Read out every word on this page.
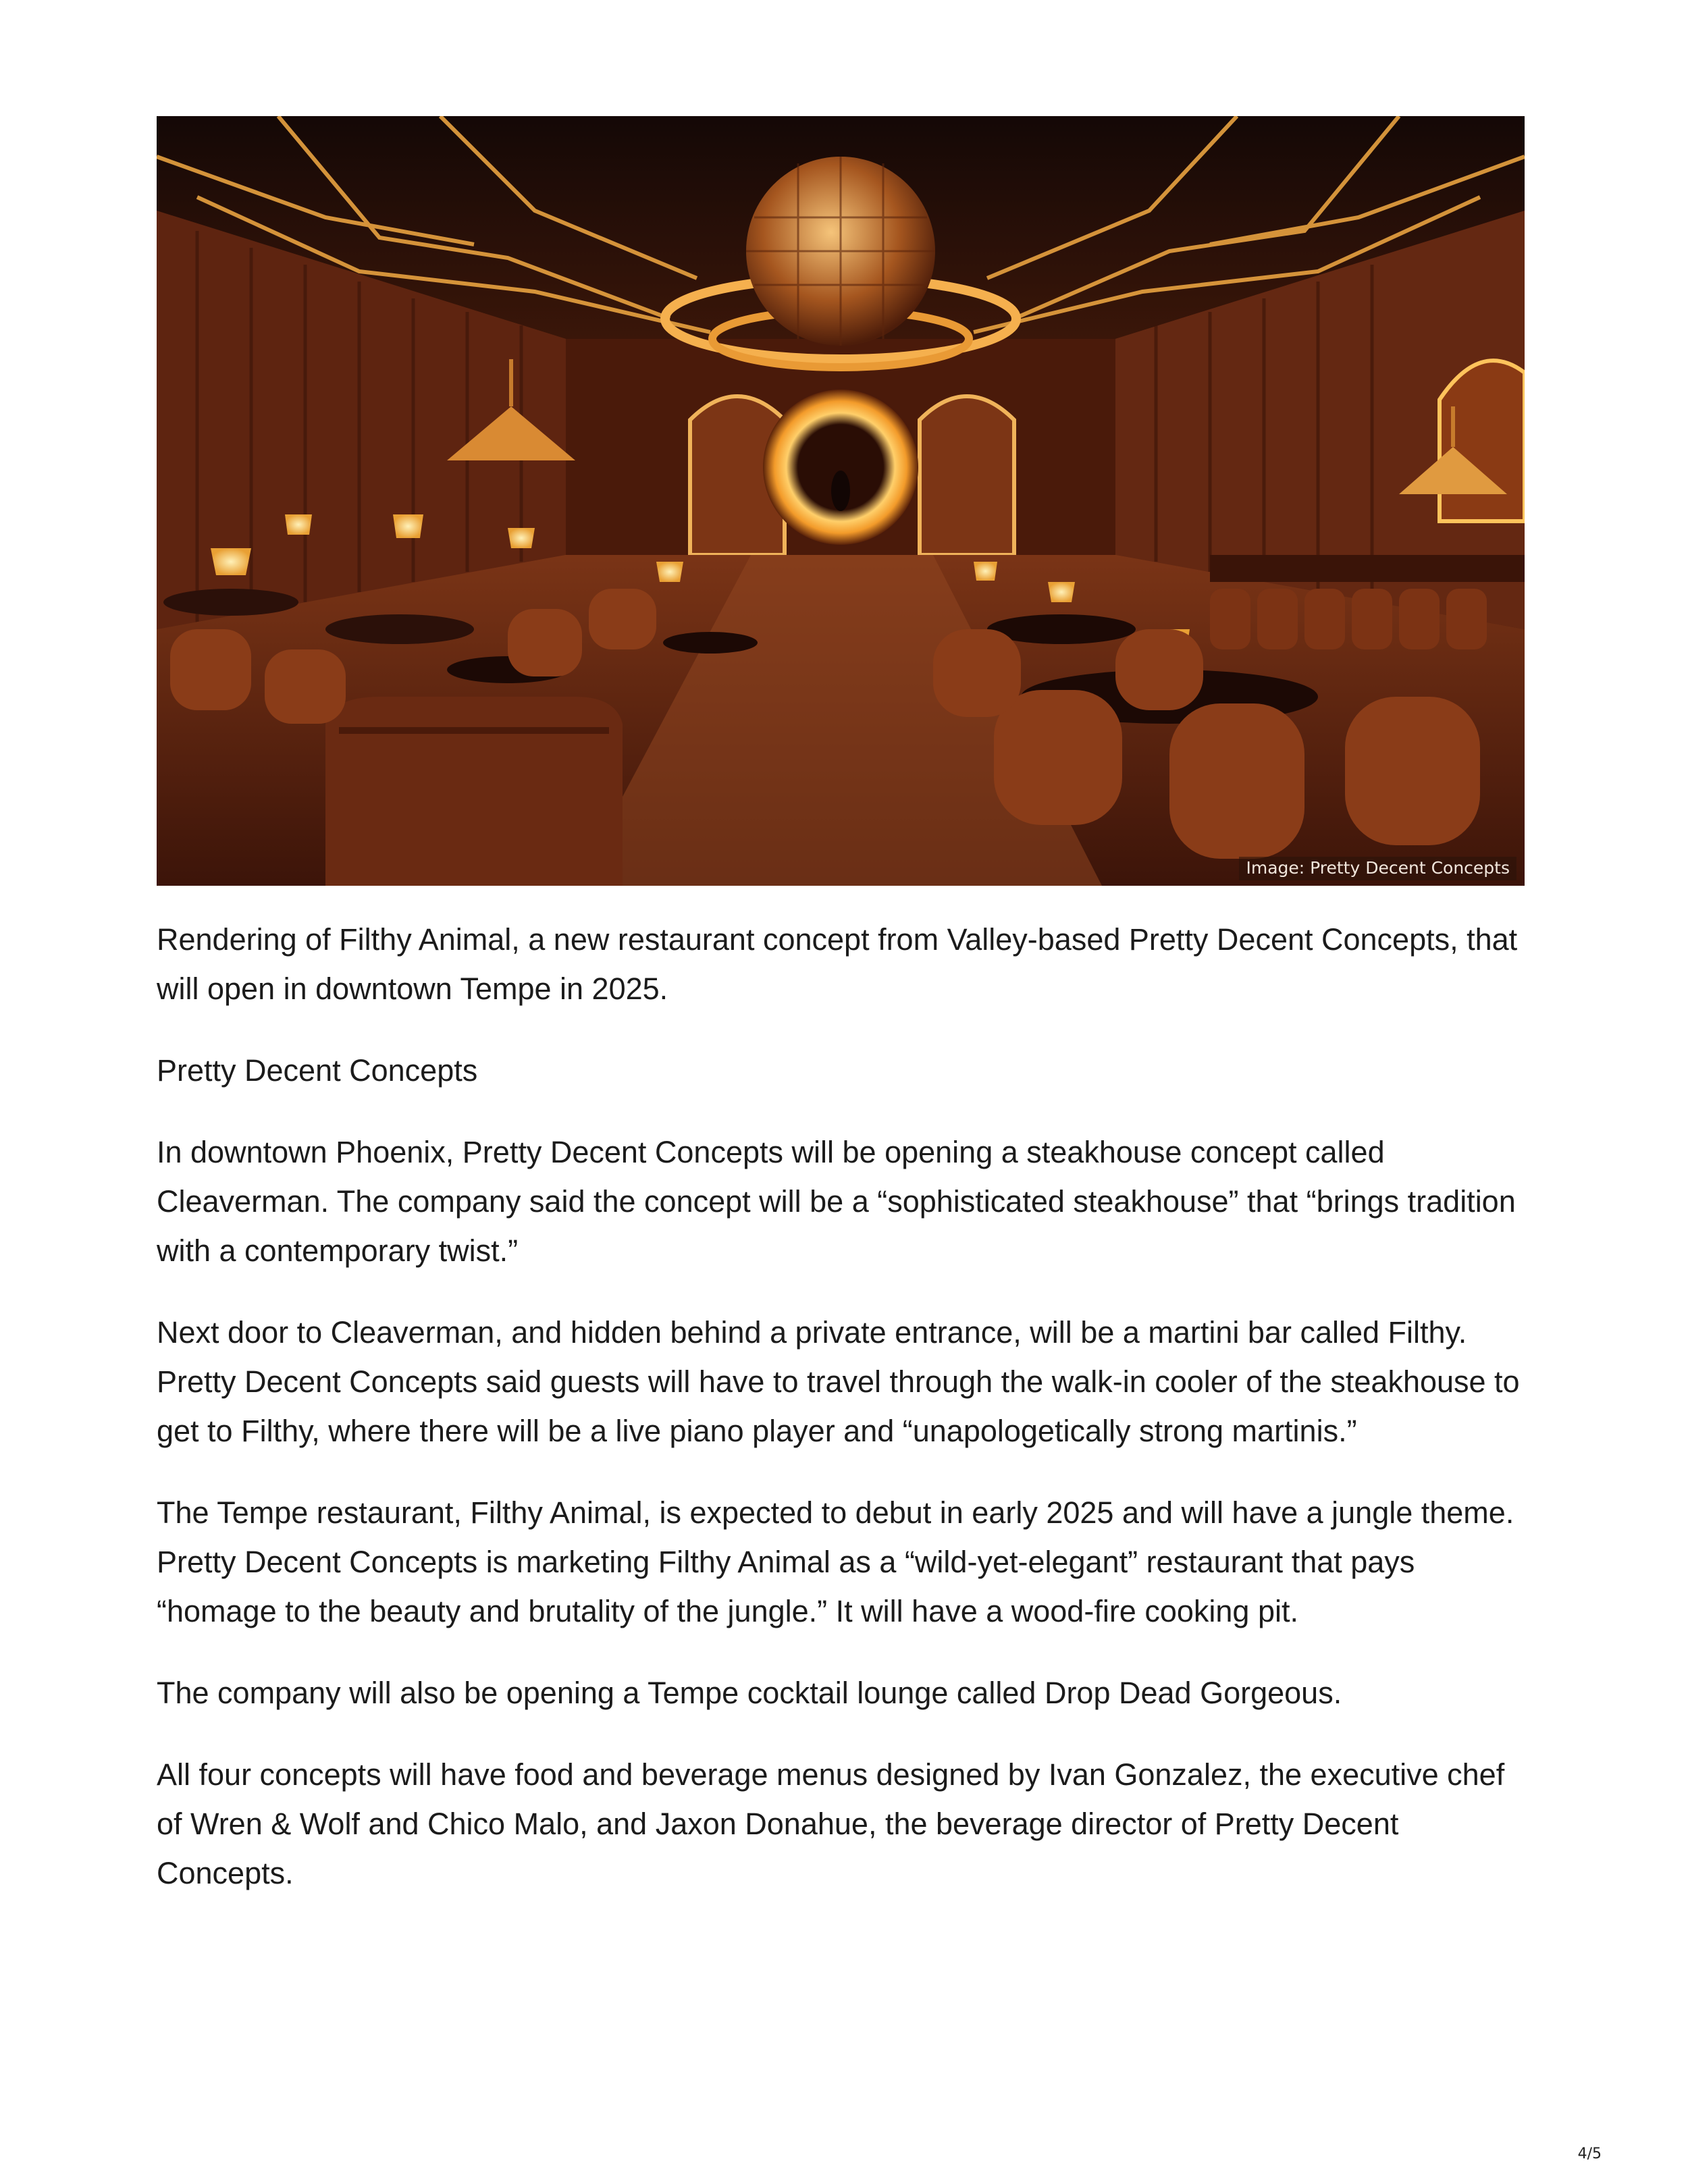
Image: Pretty Decent Concepts

Rendering of Filthy Animal, a new restaurant concept from Valley-based Pretty Decent Concepts, that will open in downtown Tempe in 2025.

Pretty Decent Concepts

In downtown Phoenix, Pretty Decent Concepts will be opening a steakhouse concept called Cleaverman. The company said the concept will be a “sophisticated steakhouse” that “brings tradition with a contemporary twist.”

Next door to Cleaverman, and hidden behind a private entrance, will be a martini bar called Filthy. Pretty Decent Concepts said guests will have to travel through the walk-in cooler of the steakhouse to get to Filthy, where there will be a live piano player and “unapologetically strong martinis.”

The Tempe restaurant, Filthy Animal, is expected to debut in early 2025 and will have a jungle theme. Pretty Decent Concepts is marketing Filthy Animal as a “wild-yet-elegant” restaurant that pays “homage to the beauty and brutality of the jungle.” It will have a wood-fire cooking pit.

The company will also be opening a Tempe cocktail lounge called Drop Dead Gorgeous.

All four concepts will have food and beverage menus designed by Ivan Gonzalez, the executive chef of Wren & Wolf and Chico Malo, and Jaxon Donahue, the beverage director of Pretty Decent Concepts.

4/5
